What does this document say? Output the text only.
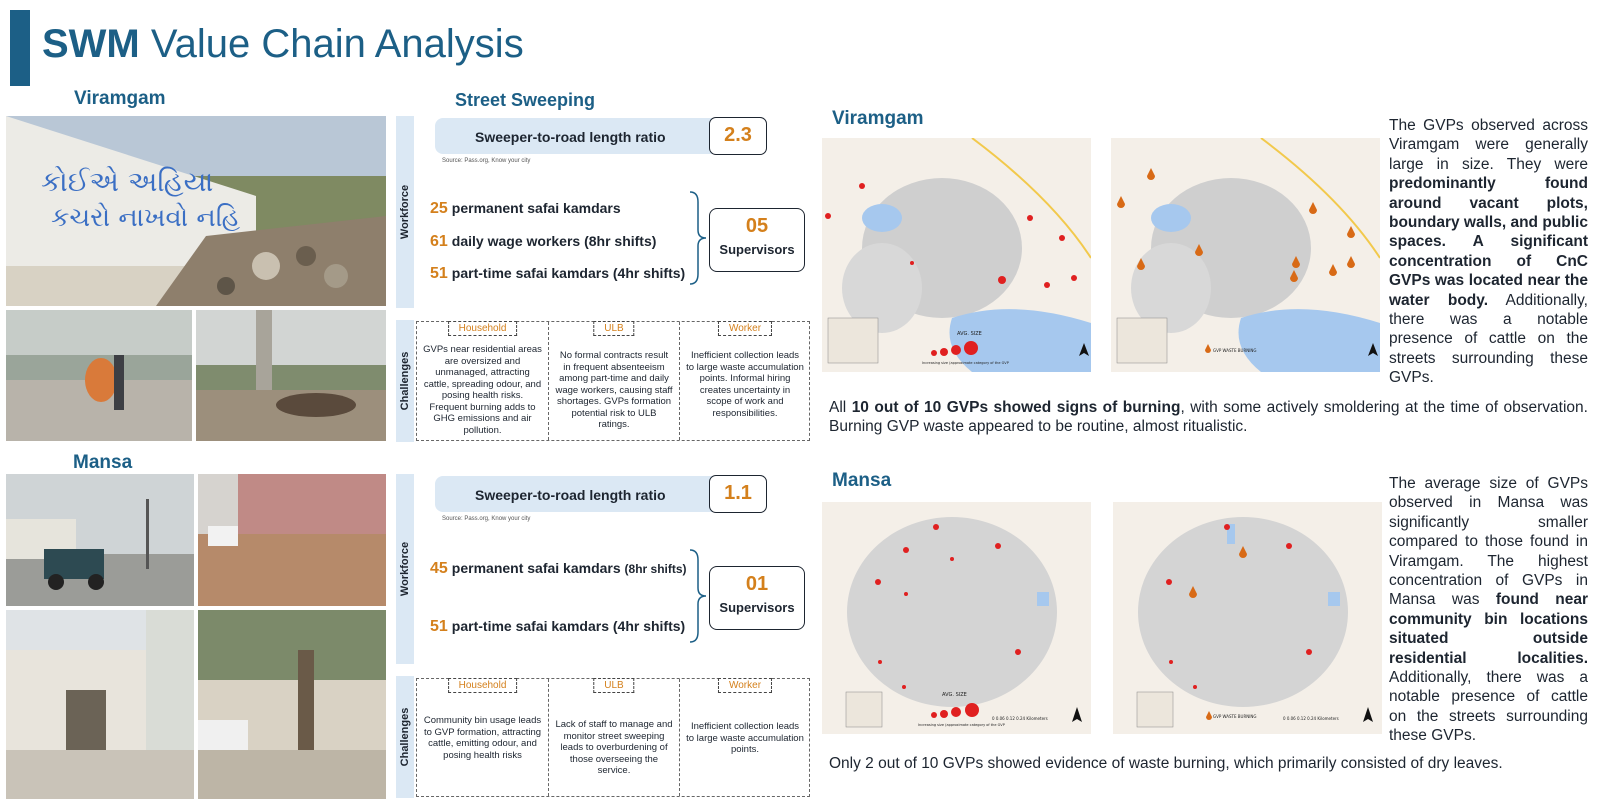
SWM Value Chain Analysis
Viramgam
કોઈએ અહિયા
કચરો નાખવો નહિ
Street Sweeping
Workforce
Sweeper-to-road length ratio	2.3
Source: Pass.org, Know your city
25 permanent safai kamdars
61 daily wage workers (8hr shifts)
51 part-time safai kamdars (4hr shifts)
05
Supervisors
Challenges
Household
GVPs near residential areas are oversized and unmanaged, attracting cattle, spreading odour, and posing health risks. Frequent burning adds to GHG emissions and air pollution.
ULB
No formal contracts result in frequent absenteeism among part-time and daily wage workers, causing staff shortages. GVPs formation potential risk to ULB ratings.
Worker
Inefficient collection leads to large waste accumulation points. Informal hiring creates uncertainty in scope of work and responsibilities.
Viramgam
AVG. SIZE
Increasing size (approximate category of the GVP
GVP WASTE BURNING
The GVPs observed across Viramgam were generally large in size. They were predominantly found around vacant plots, boundary walls, and public spaces. A significant concentration of CnC GVPs was located near the water body. Additionally, there was a notable presence of cattle on the streets surrounding these GVPs.
All 10 out of 10 GVPs showed signs of burning, with some actively smoldering at the time of observation. Burning GVP waste appeared to be routine, almost ritualistic.
Mansa
Workforce
Sweeper-to-road length ratio	1.1
Source: Pass.org, Know your city
45 permanent safai kamdars (8hr shifts)
51 part-time safai kamdars (4hr shifts)
01
Supervisors
Challenges
Household
Community bin usage leads to GVP formation, attracting cattle, emitting odour, and posing health risks
ULB
Lack of staff to manage and monitor street sweeping leads to overburdening of those overseeing the service.
Worker
Inefficient collection leads to large waste accumulation points.
Mansa
AVG. SIZE
Increasing size (approximate category of the GVP
0 0.06 0.12 0.24 Kilometers	GVP WASTE BURNING	0 0.06 0.12 0.24 Kilometers
The average size of GVPs observed in Mansa was significantly smaller compared to those found in Viramgam. The highest concentration of GVPs in Mansa was found near community bin locations situated outside residential localities. Additionally, there was a notable presence of cattle on the streets surrounding these GVPs.
Only 2 out of 10 GVPs showed evidence of waste burning, which primarily consisted of dry leaves.
